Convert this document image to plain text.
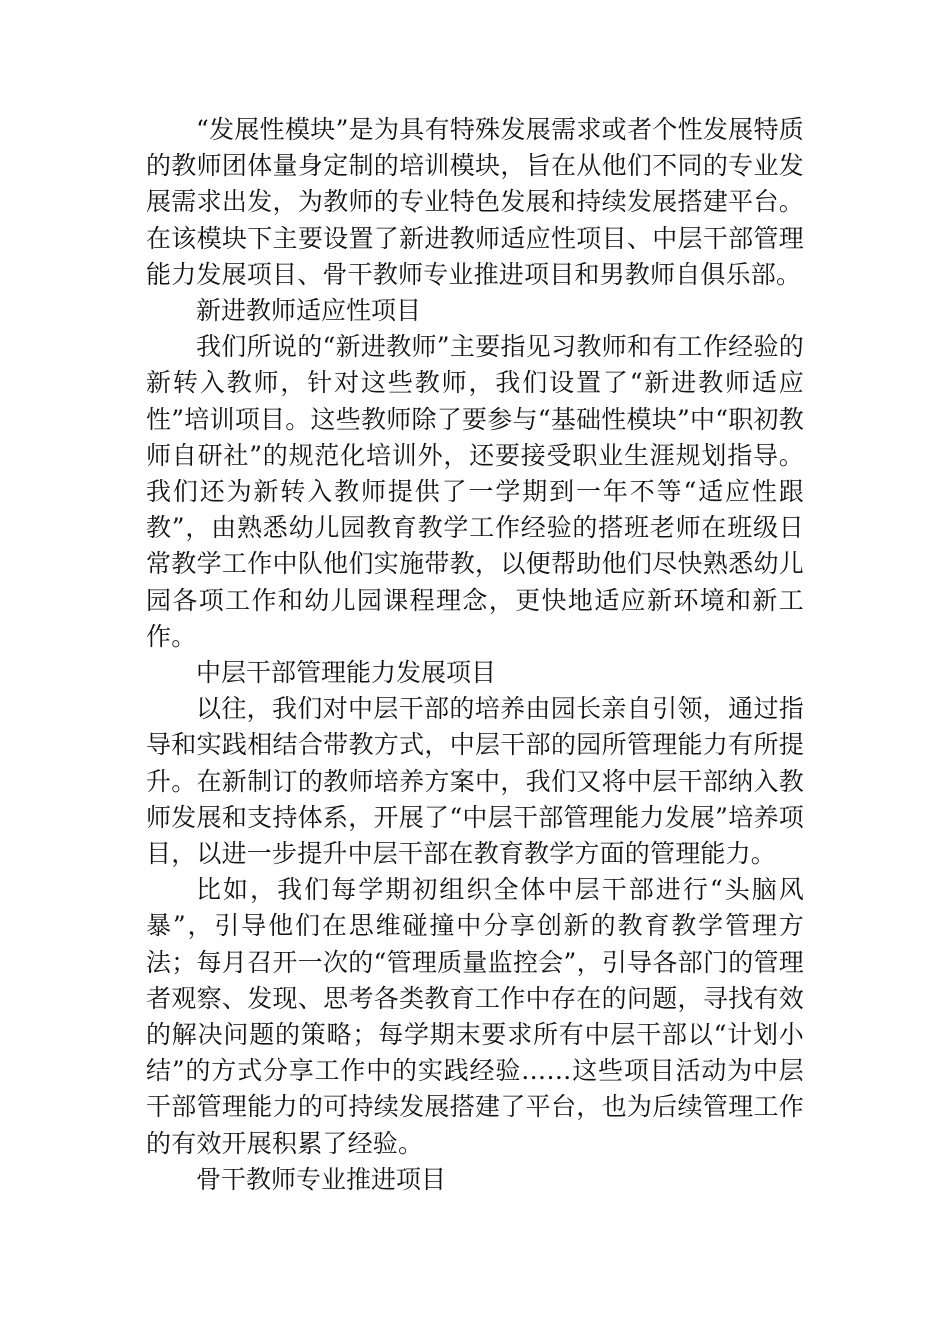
“发展性模块”是为具有特殊发展需求或者个性发展特质的教师团体量身定制的培训模块，旨在从他们不同的专业发展需求出发，为教师的专业特色发展和持续发展搭建平台。在该模块下主要设置了新进教师适应性项目、中层干部管理能力发展项目、骨干教师专业推进项目和男教师自俱乐部。

新进教师适应性项目

我们所说的“新进教师”主要指见习教师和有工作经验的新转入教师，针对这些教师，我们设置了“新进教师适应性”培训项目。这些教师除了要参与“基础性模块”中“职初教师自研社”的规范化培训外，还要接受职业生涯规划指导。我们还为新转入教师提供了一学期到一年不等“适应性跟教”，由熟悉幼儿园教育教学工作经验的搭班老师在班级日常教学工作中队他们实施带教，以便帮助他们尽快熟悉幼儿园各项工作和幼儿园课程理念，更快地适应新环境和新工作。

中层干部管理能力发展项目

以往，我们对中层干部的培养由园长亲自引领，通过指导和实践相结合带教方式，中层干部的园所管理能力有所提升。在新制订的教师培养方案中，我们又将中层干部纳入教师发展和支持体系，开展了“中层干部管理能力发展”培养项目，以进一步提升中层干部在教育教学方面的管理能力。

比如，我们每学期初组织全体中层干部进行“头脑风暴”，引导他们在思维碰撞中分享创新的教育教学管理方法；每月召开一次的“管理质量监控会”，引导各部门的管理者观察、发现、思考各类教育工作中存在的问题，寻找有效的解决问题的策略；每学期末要求所有中层干部以“计划小结”的方式分享工作中的实践经验……这些项目活动为中层干部管理能力的可持续发展搭建了平台，也为后续管理工作的有效开展积累了经验。

骨干教师专业推进项目
